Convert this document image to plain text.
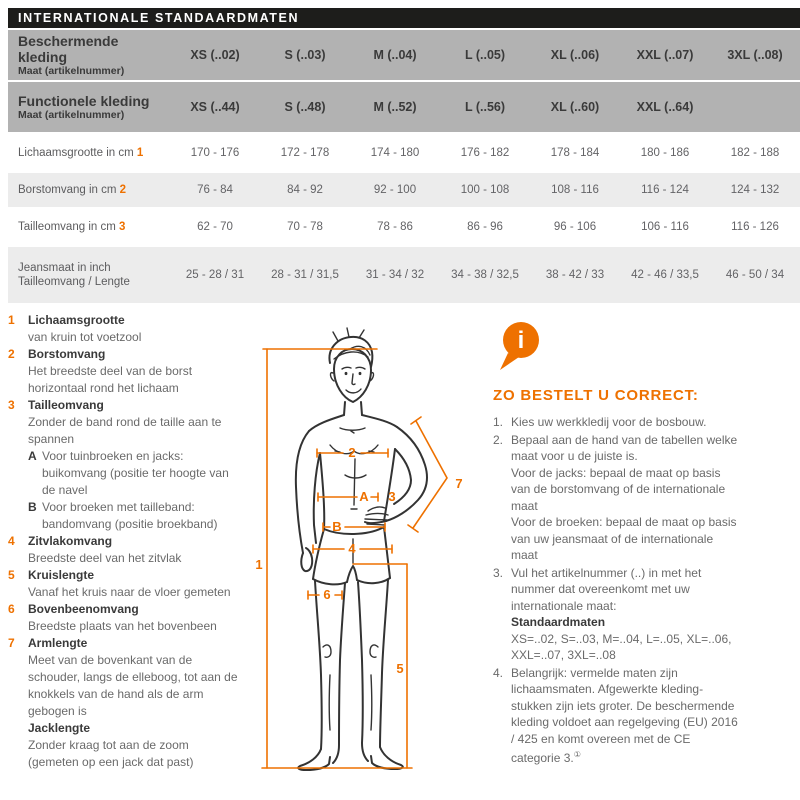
INTERNATIONALE STANDAARDMATEN
Beschermende kleding
Maat (artikelnummer)
XS (..02)	S (..03)	M (..04)	L (..05)	XL (..06)	XXL (..07)	3XL (..08)
Functionele kleding
Maat (artikelnummer)
XS (..44)	S (..48)	M (..52)	L (..56)	XL (..60)	XXL (..64)
Lichaamsgrootte in cm 1	170 - 176	172 - 178	174 - 180	176 - 182	178 - 184	180 - 186	182 - 188
Borstomvang in cm 2	76 - 84	84 - 92	92 - 100	100 - 108	108 - 116	116 - 124	124 - 132
Tailleomvang in cm 3	62 - 70	70 - 78	78 - 86	86 - 96	96 - 106	106 - 116	116 - 126
Jeansmaat in inch
Tailleomvang / Lengte
25 - 28 / 31	28 - 31 / 31,5	31 - 34 / 32	34 - 38 / 32,5	38 - 42 / 33	42 - 46 / 33,5	46 - 50 / 34
1	Lichaamsgrootte
van kruin tot voetzool
2	Borstomvang
Het breedste deel van de borst horizontaal rond het lichaam
3	Tailleomvang
Zonder de band rond de taille aan te spannen
A Voor tuinbroeken en jacks: buikomvang (positie ter hoogte van de navel
B Voor broeken met tailleband: bandomvang (positie broekband)
4	Zitvlakomvang
Breedste deel van het zitvlak
5	Kruislengte
Vanaf het kruis naar de vloer gemeten
6	Bovenbeenomvang
Breedste plaats van het bovenbeen
7	Armlengte
Meet van de bovenkant van de schouder, langs de elleboog, tot aan de knokkels van de hand als de arm gebogen is
Jacklengte
Zonder kraag tot aan de zoom (gemeten op een jack dat past)
1
2
A 3
B
4
5
6
7
i
ZO BESTELT U CORRECT:
1. Kies uw werkkledij voor de bosbouw.
2. Bepaal aan de hand van de tabellen welke maat voor u de juiste is.
Voor de jacks: bepaal de maat op basis van de borstomvang of de internationale maat
Voor de broeken: bepaal de maat op basis van uw jeansmaat of de internationale maat
3. Vul het artikelnummer (..) in met het nummer dat overeenkomt met uw internationale maat:
Standaardmaten
XS=..02, S=..03, M=..04, L=..05, XL=..06, XXL=..07, 3XL=..08
4. Belangrijk: vermelde maten zijn lichaamsmaten. Afgewerkte kleding-stukken zijn iets groter. De beschermende kleding voldoet aan regelgeving (EU) 2016 / 425 en komt overeen met de CE categorie 3.①
